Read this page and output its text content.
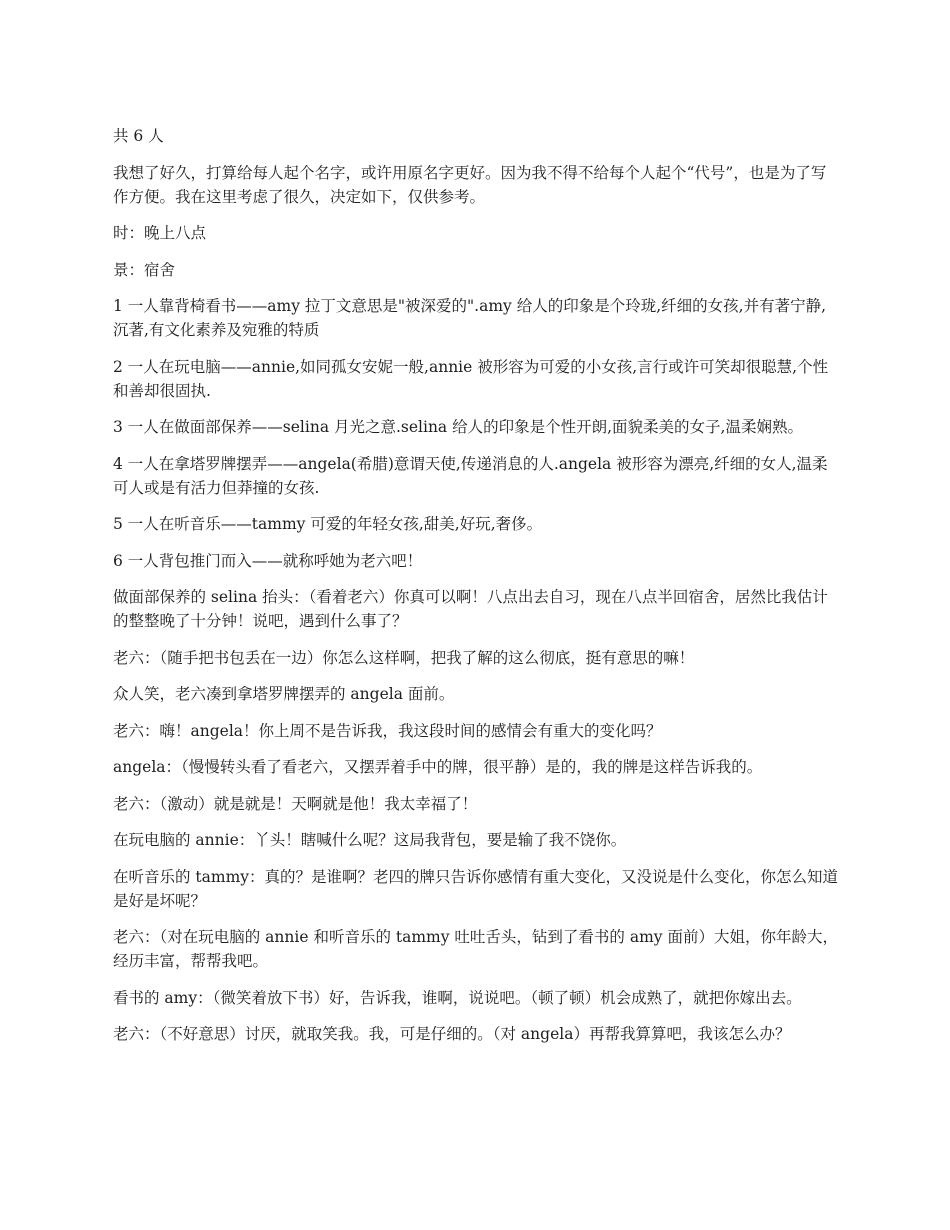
共 6 人

我想了好久，打算给每人起个名字，或许用原名字更好。因为我不得不给每个人起个“代号”，也是为了写作方便。我在这里考虑了很久，决定如下，仅供参考。

时：晚上八点

景：宿舍

1 一人靠背椅看书——amy 拉丁文意思是"被深爱的".amy 给人的印象是个玲珑,纤细的女孩,并有著宁静,沉著,有文化素养及宛雅的特质

2 一人在玩电脑——annie,如同孤女安妮一般,annie 被形容为可爱的小女孩,言行或许可笑却很聪慧,个性和善却很固执.

3 一人在做面部保养——selina 月光之意.selina 给人的印象是个性开朗,面貌柔美的女子,温柔娴熟。

4 一人在拿塔罗牌摆弄——angela(希腊)意谓天使,传递消息的人.angela 被形容为漂亮,纤细的女人,温柔可人或是有活力但莽撞的女孩.

5 一人在听音乐——tammy 可爱的年轻女孩,甜美,好玩,奢侈。

6 一人背包推门而入——就称呼她为老六吧！

做面部保养的 selina 抬头：（看着老六）你真可以啊！八点出去自习，现在八点半回宿舍，居然比我估计的整整晚了十分钟！说吧，遇到什么事了？

老六：（随手把书包丢在一边）你怎么这样啊，把我了解的这么彻底，挺有意思的嘛！

众人笑，老六凑到拿塔罗牌摆弄的 angela 面前。

老六：嗨！angela！你上周不是告诉我，我这段时间的感情会有重大的变化吗？

angela：（慢慢转头看了看老六，又摆弄着手中的牌，很平静）是的，我的牌是这样告诉我的。

老六：（激动）就是就是！天啊就是他！我太幸福了！

在玩电脑的 annie：丫头！瞎喊什么呢？这局我背包，要是输了我不饶你。

在听音乐的 tammy：真的？是谁啊？老四的牌只告诉你感情有重大变化，又没说是什么变化，你怎么知道是好是坏呢？

老六：（对在玩电脑的 annie 和听音乐的 tammy 吐吐舌头，钻到了看书的 amy 面前）大姐，你年龄大，经历丰富，帮帮我吧。

看书的 amy：（微笑着放下书）好，告诉我，谁啊，说说吧。（顿了顿）机会成熟了，就把你嫁出去。

老六：（不好意思）讨厌，就取笑我。我，可是仔细的。（对 angela）再帮我算算吧，我该怎么办？
